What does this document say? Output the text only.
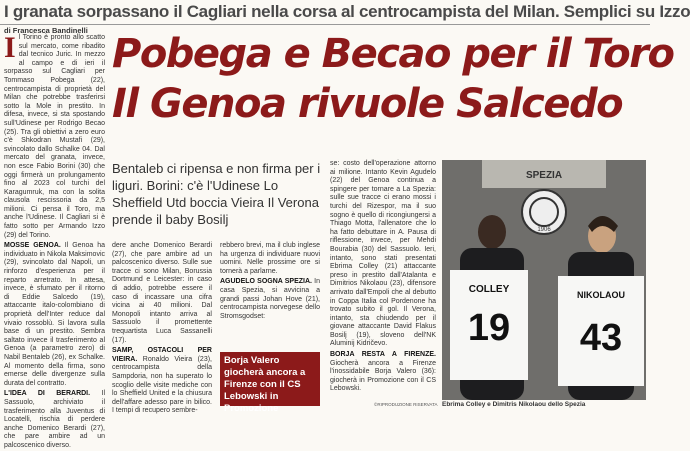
I granata sorpassano il Cagliari nella corsa al centrocampista del Milan. Semplici su Izzo
di Francesca Bandinelli

Il Torino è pronto allo scatto sul mercato, come ribadito dal tecnico Juric. In mezzo al campo e di ieri il sorpasso sul Cagliari per Tommaso Pobega (22), centrocampista di proprietà del Milan che potrebbe trasferirsi sotto la Mole in prestito. In difesa, invece, si sta spostando sull'Udinese per Rodrigo Becao (25). Tra gli obiettivi a zero euro c'è Shkodran Mustafi (29), svincolato dallo Schalke 04. Dal mercato del granata, invece, non esce Fabio Borini (30) che oggi firmerà un prolungamento fino al 2023 col turchi del Karagumruk, ma con la solita clausola rescissoria da 2,5 milioni. Ci pensa il Toro, ma anche l'Udinese. Il Cagliari si è fatto sotto per Armando Izzo (29) del Torino.

MOSSE GENOA. Il Genoa ha individuato in Nikola Maksimovic (29), svincolato dal Napoli, un rinforzo d'esperienza per il reparto arretrato. In attesa, invece, è sfumato per il ritorno di Eddie Salcedo (19), attaccante italo-colombiano di proprietà dell'Inter reduce dal vivaio rossoblù. Si lavora sulla base di un prestito. Sembra saltato invece il trasferimento al Genoa (a parametro zero) di Nabil Bentaleb (26), ex Schalke. Al momento della firma, sono emerse delle divergenze sulla durata del contratto.

L'IDEA DI BERARDI. Il Sassuolo, archiviato il trasferimento alla Juventus di Locatelli, rischia di perdere anche Domenico Berardi (27), che pare ambire ad un palcoscenico diverso.

Pobega e Becao per il Toro
Il Genoa rivuole Salcedo
Bentaleb ci ripensa e non firma per i liguri. Borini: c'è l'Udinese Lo Sheffield Utd boccia Vieira Il Verona prende il baby Bosilj

dere anche Domenico Berardi (27), che pare ambire ad un palcoscenico diverso. Sulle sue tracce ci sono Milan, Borussia Dortmund e Leicester: in caso di addio, potrebbe essere il caso di incassare una cifra vicina ai 40 milioni. Dal Monopoli intanto arriva al Sassuolo il promettente trequartista Luca Sassanelli (17).

SAMP, OSTACOLI PER VIEIRA. Ronaldo Vieira (23), centrocampista della Sampdoria, non ha superato lo scoglio delle visite mediche con lo Sheffield United e la chiusura dell'affare adesso pare in bilico. I tempi di recupero sembre-

rebbero brevi, ma il club inglese ha urgenza di individuare nuovi uomini. Nelle prossime ore si tornerà a parlarne.

AGUDELO SOGNA SPEZIA. In casa Spezia, si avvicina a grandi passi Johan Hove (21), centrocampista norvegese dello Stromsgodset:

Borja Valero giocherà ancora a Firenze con il CS Lebowski in Promozione

se: costo dell'operazione attorno ai milione. Intanto Kevin Agudelo (22) del Genoa continua a spingere per tornare a La Spezia: sulle sue tracce ci erano mossi i turchi del Rizespor, ma il suo sogno è quello di ricongiungersi a Thiago Motta, l'allenatore che lo ha fatto debuttare in A. Pausa di riflessione, invece, per Mehdi Bourabia (30) del Sassuolo. Ieri, intanto, sono stati presentati Ebrima Colley (21) attaccante preso in prestito dall'Atalanta e Dimitrios Nikolaou (23), difensore arrivato dall'Empoli che al debutto in Coppa Italia col Pordenone ha trovato subito il gol. Il Verona, intanto, sta chiudendo per il giovane attaccante David Flakus Bosilj (19), sloveno dell'NK Aluminij Kidričevo.

BORJA RESTA A FIRENZE. Giocherà ancora a Firenze l'inossidabile Borja Valero (36): giocherà in Promozione con il CS Lebowski.

SPEZIA
1906
COLLEY
19
NIKOLAOU
43
©RIPRODUZIONE RISERVATA Ebrima Colley e Dimitris Nikolaou dello Spezia
